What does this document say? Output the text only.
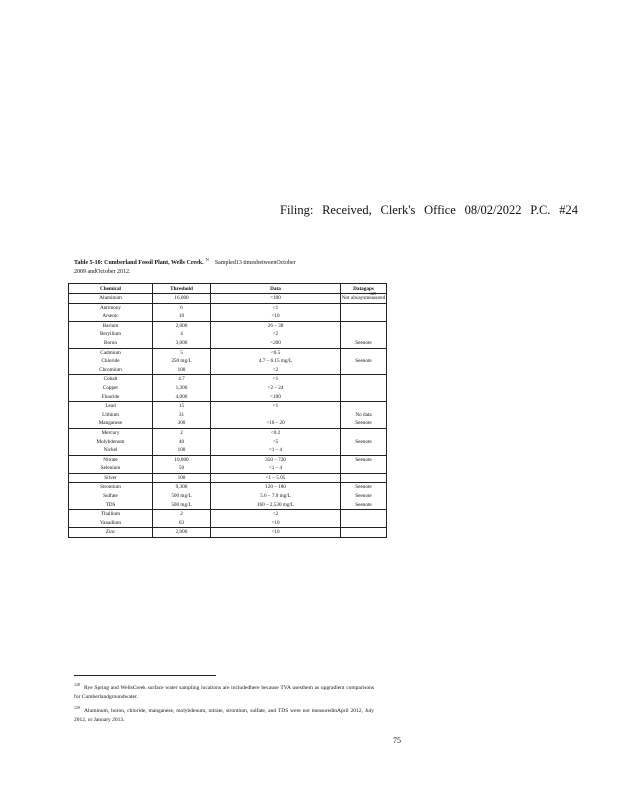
Filing: Received, Clerk's Office 08/02/2022 P.C. #24
Table 5-10: Cumberland Fossil Plant, Wells Creek.$^N$Sampled13 timesbetweenOctober
2009 andOctober 2012.
Chemical	Threshold	Data	Datagaps
Aluminum	16,000	<100	Not alwaysmeasured
Antimony	6	<1	
Arsenic	10	<10	
Barium	2,000	26 – 38	
Beryllium	4	<2	
Boron	3,000	<200	Seenote
Cadmium	5	<0.5	
Chloride	250 mg/L	4.7 – 6.15 mg/L	Seenote
Chromium	100	<2	
Cobalt	4.7	<1	
Copper	1,300	<2 – 24	
Fluoride	4,000	<100	
Lead	15	<1	
Lithium	31		No data
Manganese	300	<10 – 20	Seenote
Mercury	2	<0.2	
Molybdenum	40	<5	Seenote
Nickel	100	<1 – 4	
Nitrate	10,000	350 – 720	Seenote
Selenium	50	<1 – 4	
Silver	100	<1 – 5.05	
Strontium	9,300	120 – 180	Seenote
Sulfate	500 mg/L	5.6 – 7.9 mg/L	Seenote
TDS	500 mg/L	160 – 2,530 mg/L	Seenote
Thallium	2	<2	
Vanadium	63	<10	
Zinc	2,000	<10	
129
$^{128}$Rye Spring and WellsCreek surface water sampling locations are includedhere because TVA usesthem as upgradient comparisons for Cumberlandgroundwater.
$^{129}$Aluminum, boron, chloride, manganese, molybdenum, nitrate, strontium, sulfate, and TDS were not measuredinApril 2012, July 2012, or January 2013.
75
